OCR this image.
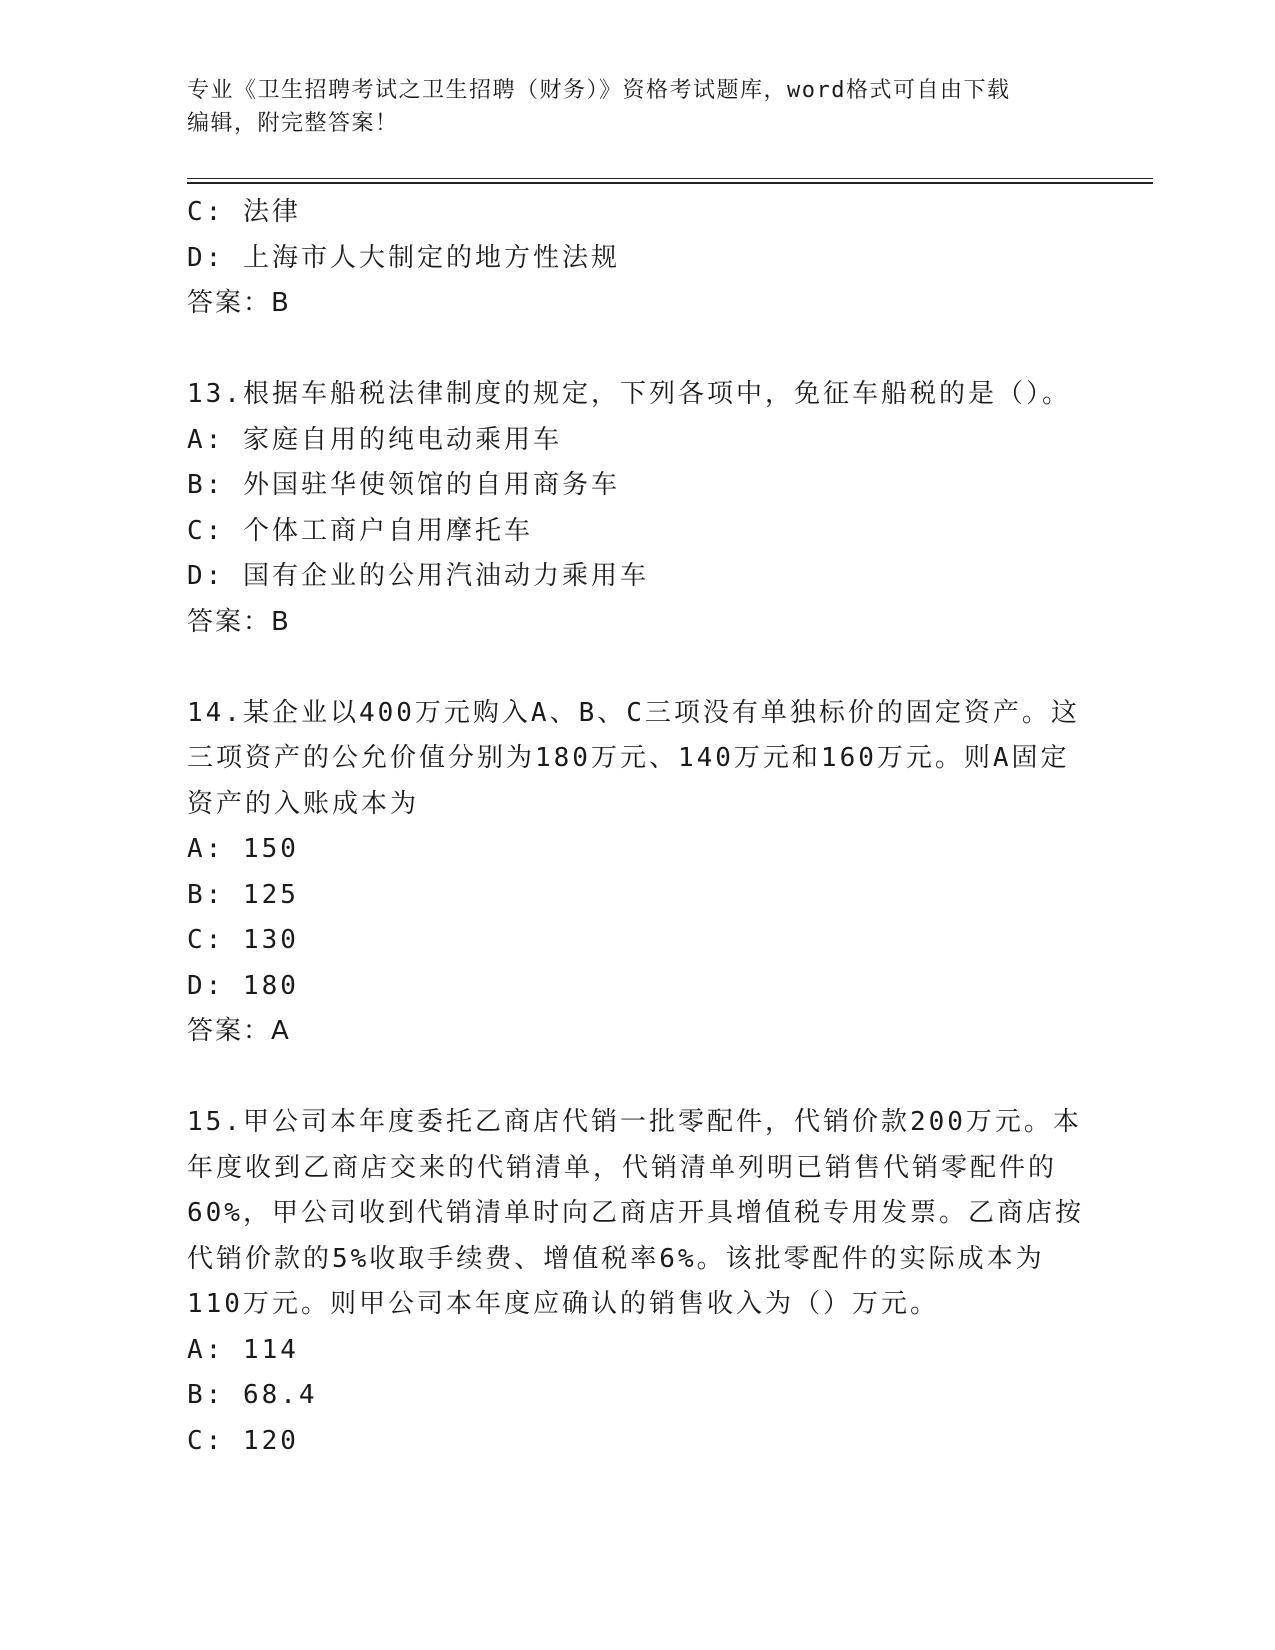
专业《卫生招聘考试之卫生招聘（财务）》资格考试题库，word格式可自由下载
编辑，附完整答案！
C: 法律
D: 上海市人大制定的地方性法规
答案：B
13.根据车船税法律制度的规定，下列各项中，免征车船税的是（）。
A: 家庭自用的纯电动乘用车
B: 外国驻华使领馆的自用商务车
C: 个体工商户自用摩托车
D: 国有企业的公用汽油动力乘用车
答案：B
14.某企业以400万元购入A、B、C三项没有单独标价的固定资产。这
三项资产的公允价值分别为180万元、140万元和160万元。则A固定
资产的入账成本为
A: 150
B: 125
C: 130
D: 180
答案：A
15.甲公司本年度委托乙商店代销一批零配件，代销价款200万元。本
年度收到乙商店交来的代销清单，代销清单列明已销售代销零配件的
60%，甲公司收到代销清单时向乙商店开具增值税专用发票。乙商店按
代销价款的5%收取手续费、增值税率6%。该批零配件的实际成本为
110万元。则甲公司本年度应确认的销售收入为（）万元。
A: 114
B: 68.4
C: 120
